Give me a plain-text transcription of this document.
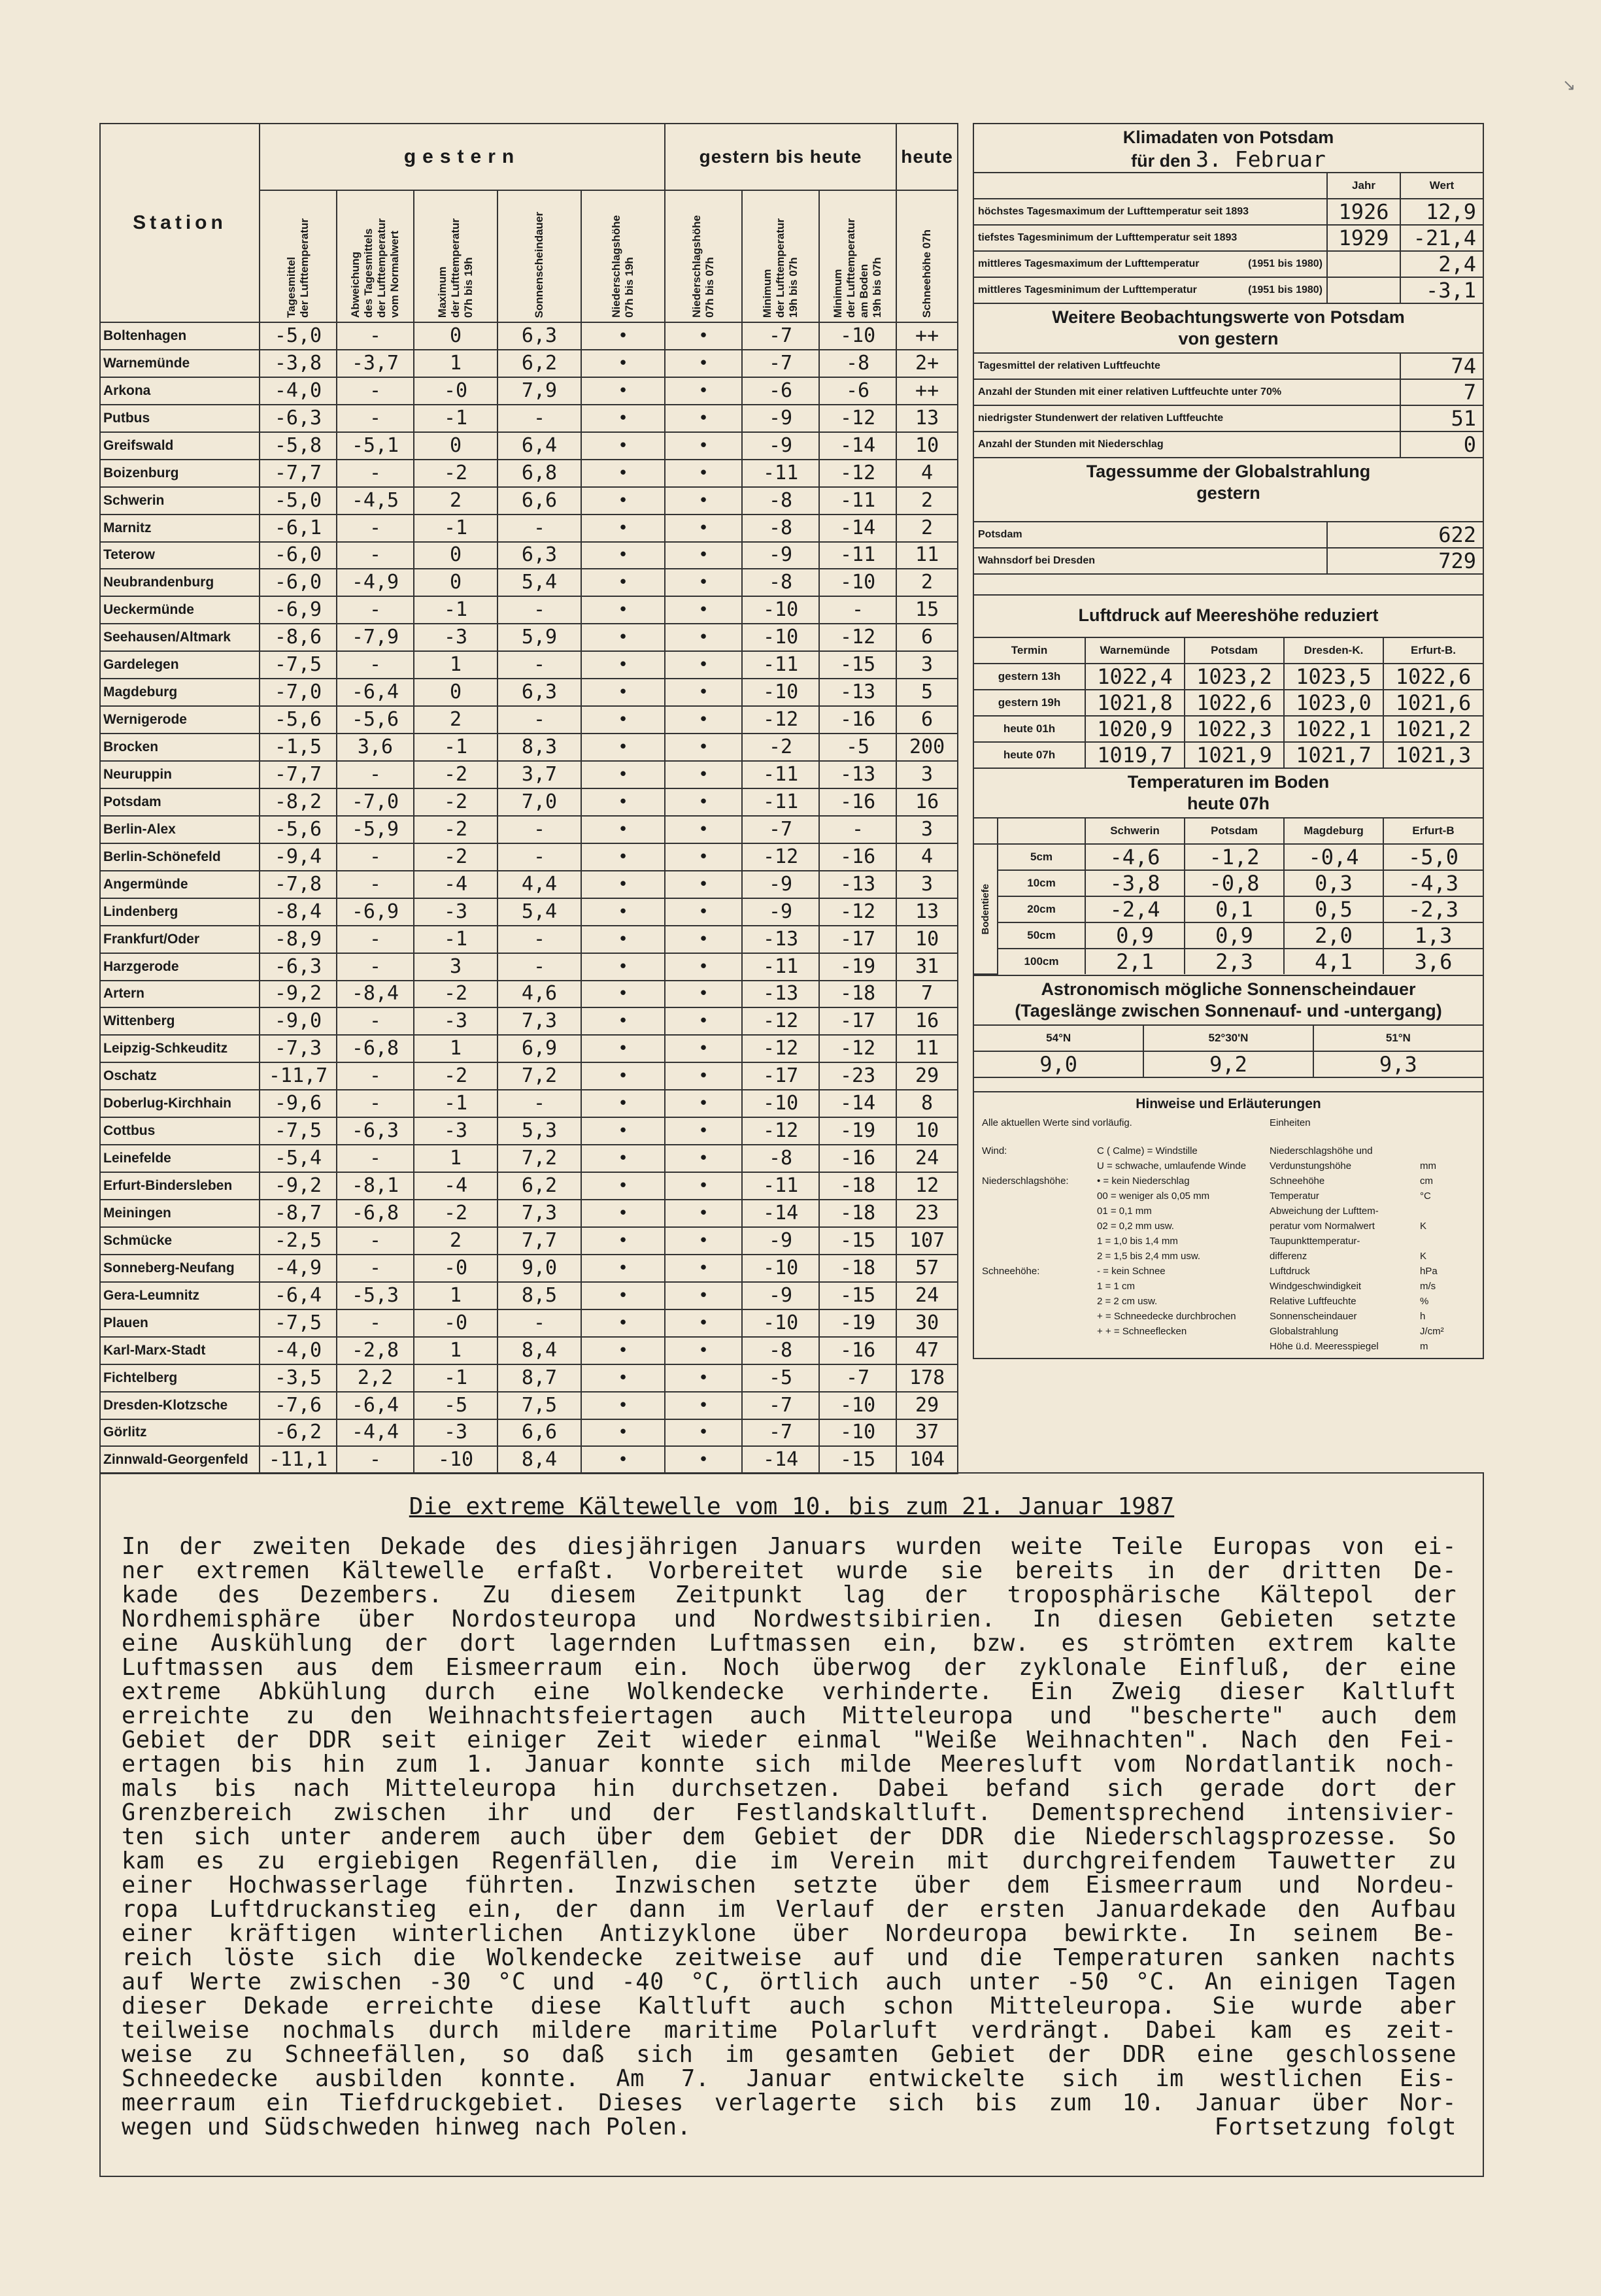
↘
Station	gestern					gestern bis heute			heute

	Tagesmittel
der Lufttemperatur	Abweichung
des Tagesmittels
der Lufttemperatur
vom Normalwert	Maximum
der Lufttemperatur
07h bis 19h	Sonnenscheindauer	Niederschlagshöhe
07h bis 19h	Niederschlagshöhe
07h bis 07h	Minimum
der Lufttemperatur
19h bis 07h	Minimum
der Lufttemperatur
am Boden
19h bis 07h	Schneehöhe 07h

Boltenhagen	-5,0	-	0	6,3	•	•	-7	-10	++
Warnemünde	-3,8	-3,7	1	6,2	•	•	-7	-8	2+
Arkona	-4,0	-	-0	7,9	•	•	-6	-6	++
Putbus	-6,3	-	-1	-	•	•	-9	-12	13
Greifswald	-5,8	-5,1	0	6,4	•	•	-9	-14	10
Boizenburg	-7,7	-	-2	6,8	•	•	-11	-12	4
Schwerin	-5,0	-4,5	2	6,6	•	•	-8	-11	2
Marnitz	-6,1	-	-1	-	•	•	-8	-14	2
Teterow	-6,0	-	0	6,3	•	•	-9	-11	11
Neubrandenburg	-6,0	-4,9	0	5,4	•	•	-8	-10	2
Ueckermünde	-6,9	-	-1	-	•	•	-10	-	15
Seehausen/Altmark	-8,6	-7,9	-3	5,9	•	•	-10	-12	6
Gardelegen	-7,5	-	1	-	•	•	-11	-15	3
Magdeburg	-7,0	-6,4	0	6,3	•	•	-10	-13	5
Wernigerode	-5,6	-5,6	2	-	•	•	-12	-16	6
Brocken	-1,5	3,6	-1	8,3	•	•	-2	-5	200
Neuruppin	-7,7	-	-2	3,7	•	•	-11	-13	3
Potsdam	-8,2	-7,0	-2	7,0	•	•	-11	-16	16
Berlin-Alex	-5,6	-5,9	-2	-	•	•	-7	-	3
Berlin-Schönefeld	-9,4	-	-2	-	•	•	-12	-16	4
Angermünde	-7,8	-	-4	4,4	•	•	-9	-13	3
Lindenberg	-8,4	-6,9	-3	5,4	•	•	-9	-12	13
Frankfurt/Oder	-8,9	-	-1	-	•	•	-13	-17	10
Harzgerode	-6,3	-	3	-	•	•	-11	-19	31
Artern	-9,2	-8,4	-2	4,6	•	•	-13	-18	7
Wittenberg	-9,0	-	-3	7,3	•	•	-12	-17	16
Leipzig-Schkeuditz	-7,3	-6,8	1	6,9	•	•	-12	-12	11
Oschatz	-11,7	-	-2	7,2	•	•	-17	-23	29
Doberlug-Kirchhain	-9,6	-	-1	-	•	•	-10	-14	8
Cottbus	-7,5	-6,3	-3	5,3	•	•	-12	-19	10
Leinefelde	-5,4	-	1	7,2	•	•	-8	-16	24
Erfurt-Bindersleben	-9,2	-8,1	-4	6,2	•	•	-11	-18	12
Meiningen	-8,7	-6,8	-2	7,3	•	•	-14	-18	23
Schmücke	-2,5	-	2	7,7	•	•	-9	-15	107
Sonneberg-Neufang	-4,9	-	-0	9,0	•	•	-10	-18	57
Gera-Leumnitz	-6,4	-5,3	1	8,5	•	•	-9	-15	24
Plauen	-7,5	-	-0	-	•	•	-10	-19	30
Karl-Marx-Stadt	-4,0	-2,8	1	8,4	•	•	-8	-16	47
Fichtelberg	-3,5	2,2	-1	8,7	•	•	-5	-7	178
Dresden-Klotzsche	-7,6	-6,4	-5	7,5	•	•	-7	-10	29
Görlitz	-6,2	-4,4	-3	6,6	•	•	-7	-10	37
Zinnwald-Georgenfeld	-11,1	-	-10	8,4	•	•	-14	-15	104
Klimadaten von Potsdam
für den 3. Februar
	Jahr	Wert
höchstes Tagesmaximum der Lufttemperatur seit 1893	1926	12,9
tiefstes Tagesminimum der Lufttemperatur seit 1893	1929	-21,4
mittleres Tagesmaximum der Lufttemperatur (1951 bis 1980)		2,4
mittleres Tagesminimum der Lufttemperatur (1951 bis 1980)		-3,1
Weitere Beobachtungswerte von Potsdam
von gestern
Tagesmittel der relativen Luftfeuchte	74
Anzahl der Stunden mit einer relativen Luftfeuchte unter 70%	7
niedrigster Stundenwert der relativen Luftfeuchte	51
Anzahl der Stunden mit Niederschlag	0
Tagessumme der Globalstrahlung
gestern
Potsdam	622
Wahnsdorf bei Dresden	729
Luftdruck auf Meereshöhe reduziert
Termin	Warnemünde	Potsdam	Dresden-K.	Erfurt-B.
gestern 13h	1022,4	1023,2	1023,5	1022,6
gestern 19h	1021,8	1022,6	1023,0	1021,6
heute 01h	1020,9	1022,3	1022,1	1021,2
heute 07h	1019,7	1021,9	1021,7	1021,3
Temperaturen im Boden
heute 07h
		Schwerin	Potsdam	Magdeburg	Erfurt-B

Bodentiefe	5cm	-4,6	-1,2	-0,4	-5,0
	10cm	-3,8	-0,8	0,3	-4,3
	20cm	-2,4	0,1	0,5	-2,3
	50cm	0,9	0,9	2,0	1,3
	100cm	2,1	2,3	4,1	3,6
Astronomisch mögliche Sonnenscheindauer
(Tageslänge zwischen Sonnenauf- und -untergang)
54°N	52°30'N	51°N
9,0	9,2	9,3
Hinweise und Erläuterungen
Alle aktuellen Werte sind vorläufig.
Wind:	C ( Calme) = Windstille
U = schwache, umlaufende Winde
Niederschlagshöhe:	• = kein Niederschlag
00 = weniger als 0,05 mm
01 = 0,1 mm
02 = 0,2 mm usw.
1 = 1,0 bis 1,4 mm
2 = 1,5 bis 2,4 mm usw.
Schneehöhe:	- = kein Schnee
1 = 1 cm
2 = 2 cm usw.
+ = Schneedecke durchbrochen
+ + = Schneeflecken
Einheiten
Niederschlagshöhe und
Verdunstungshöhe	mm
Schneehöhe	cm
Temperatur	°C
Abweichung der Lufttem-
peratur vom Normalwert	K
Taupunkttemperatur-
differenz	K
Luftdruck	hPa
Windgeschwindigkeit	m/s
Relative Luftfeuchte	%
Sonnenscheindauer	h
Globalstrahlung	J/cm²
Höhe ü.d. Meeresspiegel	m
Die extreme Kältewelle vom 10. bis zum 21. Januar 1987
In der zweiten Dekade des diesjährigen Januars wurden weite Teile Europas von ei-
ner extremen Kältewelle erfaßt. Vorbereitet wurde sie bereits in der dritten De-
kade des Dezembers. Zu diesem Zeitpunkt lag der troposphärische Kältepol der
Nordhemisphäre über Nordosteuropa und Nordwestsibirien. In diesen Gebieten setzte
eine Auskühlung der dort lagernden Luftmassen ein, bzw. es strömten extrem kalte
Luftmassen aus dem Eismeerraum ein. Noch überwog der zyklonale Einfluß, der eine
extreme Abkühlung durch eine Wolkendecke verhinderte. Ein Zweig dieser Kaltluft
erreichte zu den Weihnachtsfeiertagen auch Mitteleuropa und "bescherte" auch dem
Gebiet der DDR seit einiger Zeit wieder einmal "Weiße Weihnachten". Nach den Fei-
ertagen bis hin zum 1. Januar konnte sich milde Meeresluft vom Nordatlantik noch-
mals bis nach Mitteleuropa hin durchsetzen. Dabei befand sich gerade dort der
Grenzbereich zwischen ihr und der Festlandskaltluft. Dementsprechend intensivier-
ten sich unter anderem auch über dem Gebiet der DDR die Niederschlagsprozesse. So
kam es zu ergiebigen Regenfällen, die im Verein mit durchgreifendem Tauwetter zu
einer Hochwasserlage führten. Inzwischen setzte über dem Eismeerraum und Nordeu-
ropa Luftdruckanstieg ein, der dann im Verlauf der ersten Januardekade den Aufbau
einer kräftigen winterlichen Antizyklone über Nordeuropa bewirkte. In seinem Be-
reich löste sich die Wolkendecke zeitweise auf und die Temperaturen sanken nachts
auf Werte zwischen -30 °C und -40 °C, örtlich auch unter -50 °C. An einigen Tagen
dieser Dekade erreichte diese Kaltluft auch schon Mitteleuropa. Sie wurde aber
teilweise nochmals durch mildere maritime Polarluft verdrängt. Dabei kam es zeit-
weise zu Schneefällen, so daß sich im gesamten Gebiet der DDR eine geschlossene
Schneedecke ausbilden konnte. Am 7. Januar entwickelte sich im westlichen Eis-
meerraum ein Tiefdruckgebiet. Dieses verlagerte sich bis zum 10. Januar über Nor-
wegen und Südschweden hinweg nach Polen.	Fortsetzung folgt
